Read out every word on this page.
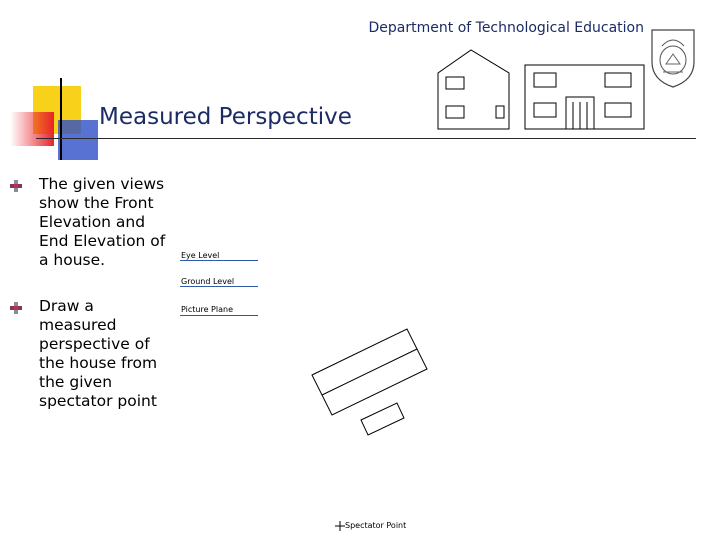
Department of Technological Education
Measured Perspective
The given views show the Front Elevation and End Elevation of a house.
Draw a measured perspective of the house from the given spectator point
Eye Level
Ground Level
Picture Plane
Spectator Point
